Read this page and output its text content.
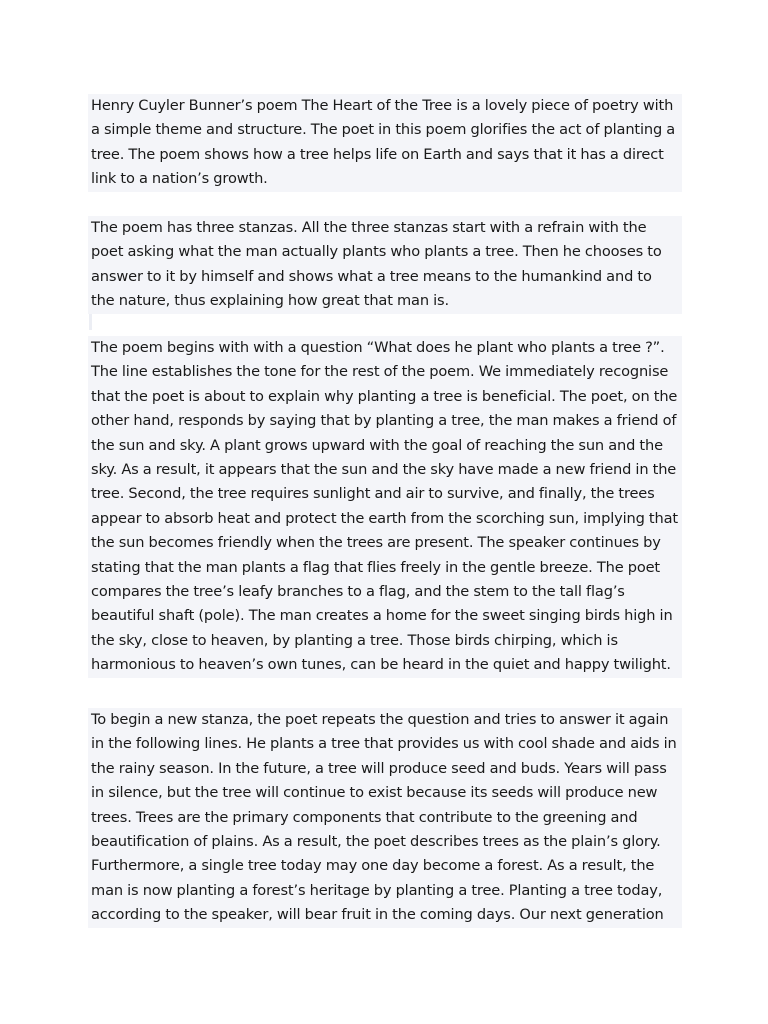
Henry Cuyler Bunner’s poem The Heart of the Tree is a lovely piece of poetry with a simple theme and structure. The poet in this poem glorifies the act of planting a tree. The poem shows how a tree helps life on Earth and says that it has a direct link to a nation’s growth.

The poem has three stanzas. All the three stanzas start with a refrain with the poet asking what the man actually plants who plants a tree. Then he chooses to answer to it by himself and shows what a tree means to the humankind and to the nature, thus explaining how great that man is.

The poem begins with with a question “What does he plant who plants a tree ?”. The line establishes the tone for the rest of the poem. We immediately recognise that the poet is about to explain why planting a tree is beneficial. The poet, on the other hand, responds by saying that by planting a tree, the man makes a friend of the sun and sky. A plant grows upward with the goal of reaching the sun and the sky. As a result, it appears that the sun and the sky have made a new friend in the tree. Second, the tree requires sunlight and air to survive, and finally, the trees appear to absorb heat and protect the earth from the scorching sun, implying that the sun becomes friendly when the trees are present. The speaker continues by stating that the man plants a flag that flies freely in the gentle breeze. The poet compares the tree’s leafy branches to a flag, and the stem to the tall flag’s beautiful shaft (pole). The man creates a home for the sweet singing birds high in the sky, close to heaven, by planting a tree. Those birds chirping, which is harmonious to heaven’s own tunes, can be heard in the quiet and happy twilight.

To begin a new stanza, the poet repeats the question and tries to answer it again in the following lines. He plants a tree that provides us with cool shade and aids in the rainy season. In the future, a tree will produce seed and buds. Years will pass in silence, but the tree will continue to exist because its seeds will produce new trees. Trees are the primary components that contribute to the greening and beautification of plains. As a result, the poet describes trees as the plain’s glory. Furthermore, a single tree today may one day become a forest. As a result, the man is now planting a forest’s heritage by planting a tree. Planting a tree today, according to the speaker, will bear fruit in the coming days. Our next generation
